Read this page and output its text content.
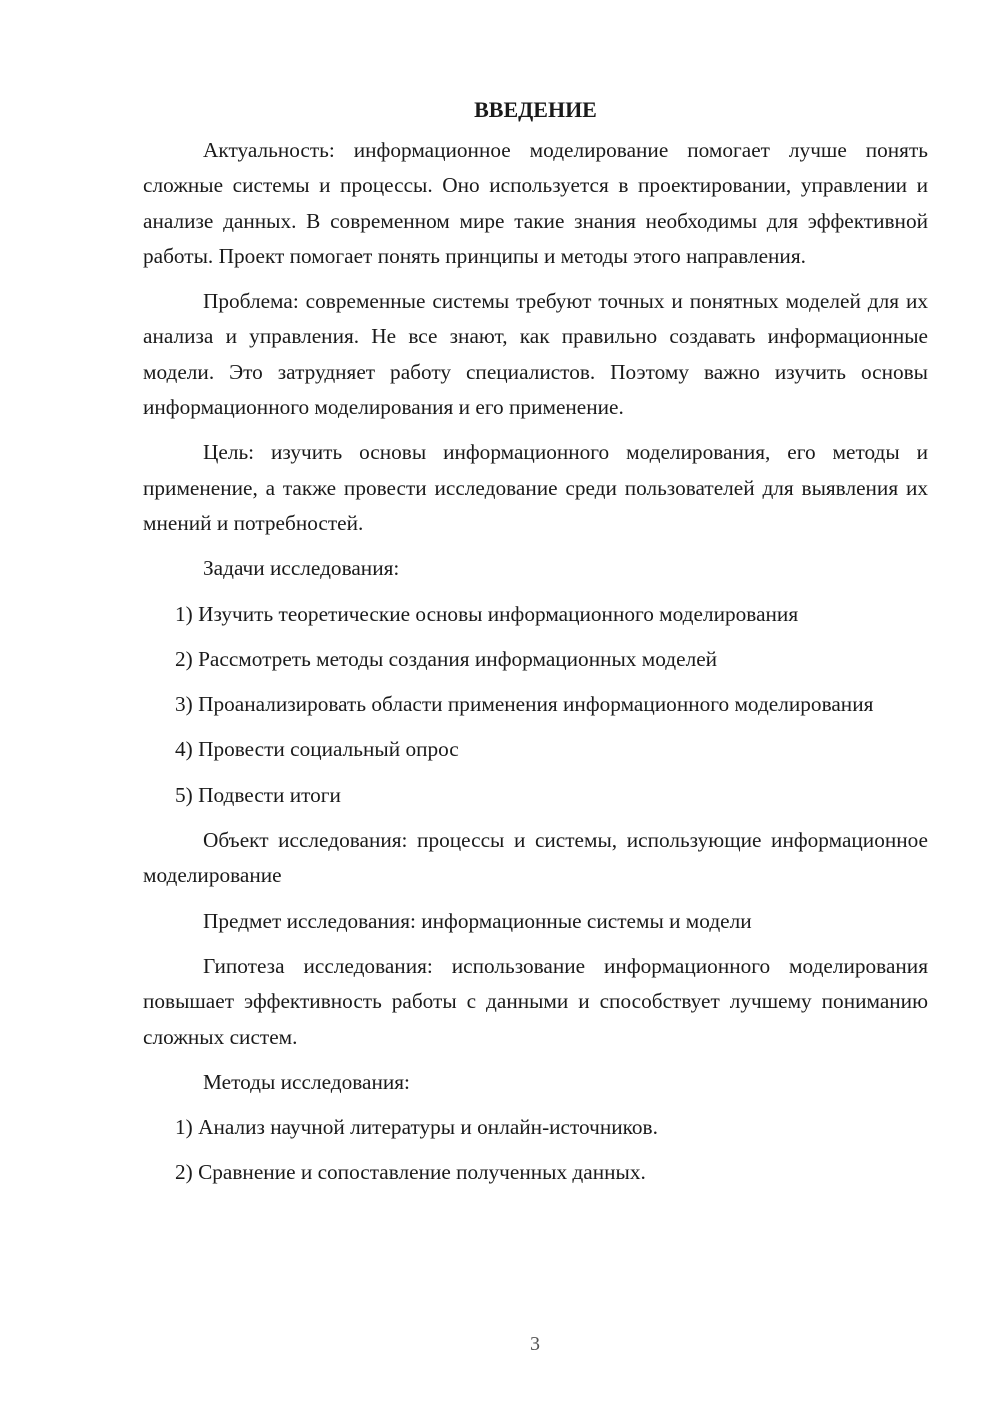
ВВЕДЕНИЕ

Актуальность: информационное моделирование помогает лучше понять сложные системы и процессы. Оно используется в проектировании, управлении и анализе данных. В современном мире такие знания необходимы для эффективной работы. Проект помогает понять принципы и методы этого направления.

Проблема: современные системы требуют точных и понятных моделей для их анализа и управления. Не все знают, как правильно создавать информационные модели. Это затрудняет работу специалистов. Поэтому важно изучить основы информационного моделирования и его применение.

Цель: изучить основы информационного моделирования, его методы и применение, а также провести исследование среди пользователей для выявления их мнений и потребностей.

Задачи исследования:

1) Изучить теоретические основы информационного моделирования

2) Рассмотреть методы создания информационных моделей

3) Проанализировать области применения информационного моделирования

4) Провести социальный опрос

5) Подвести итоги

Объект исследования: процессы и системы, использующие информационное моделирование

Предмет исследования: информационные системы и модели

Гипотеза исследования: использование информационного моделирования повышает эффективность работы с данными и способствует лучшему пониманию сложных систем.

Методы исследования:

1) Анализ научной литературы и онлайн-источников.

2) Сравнение и сопоставление полученных данных.

3
